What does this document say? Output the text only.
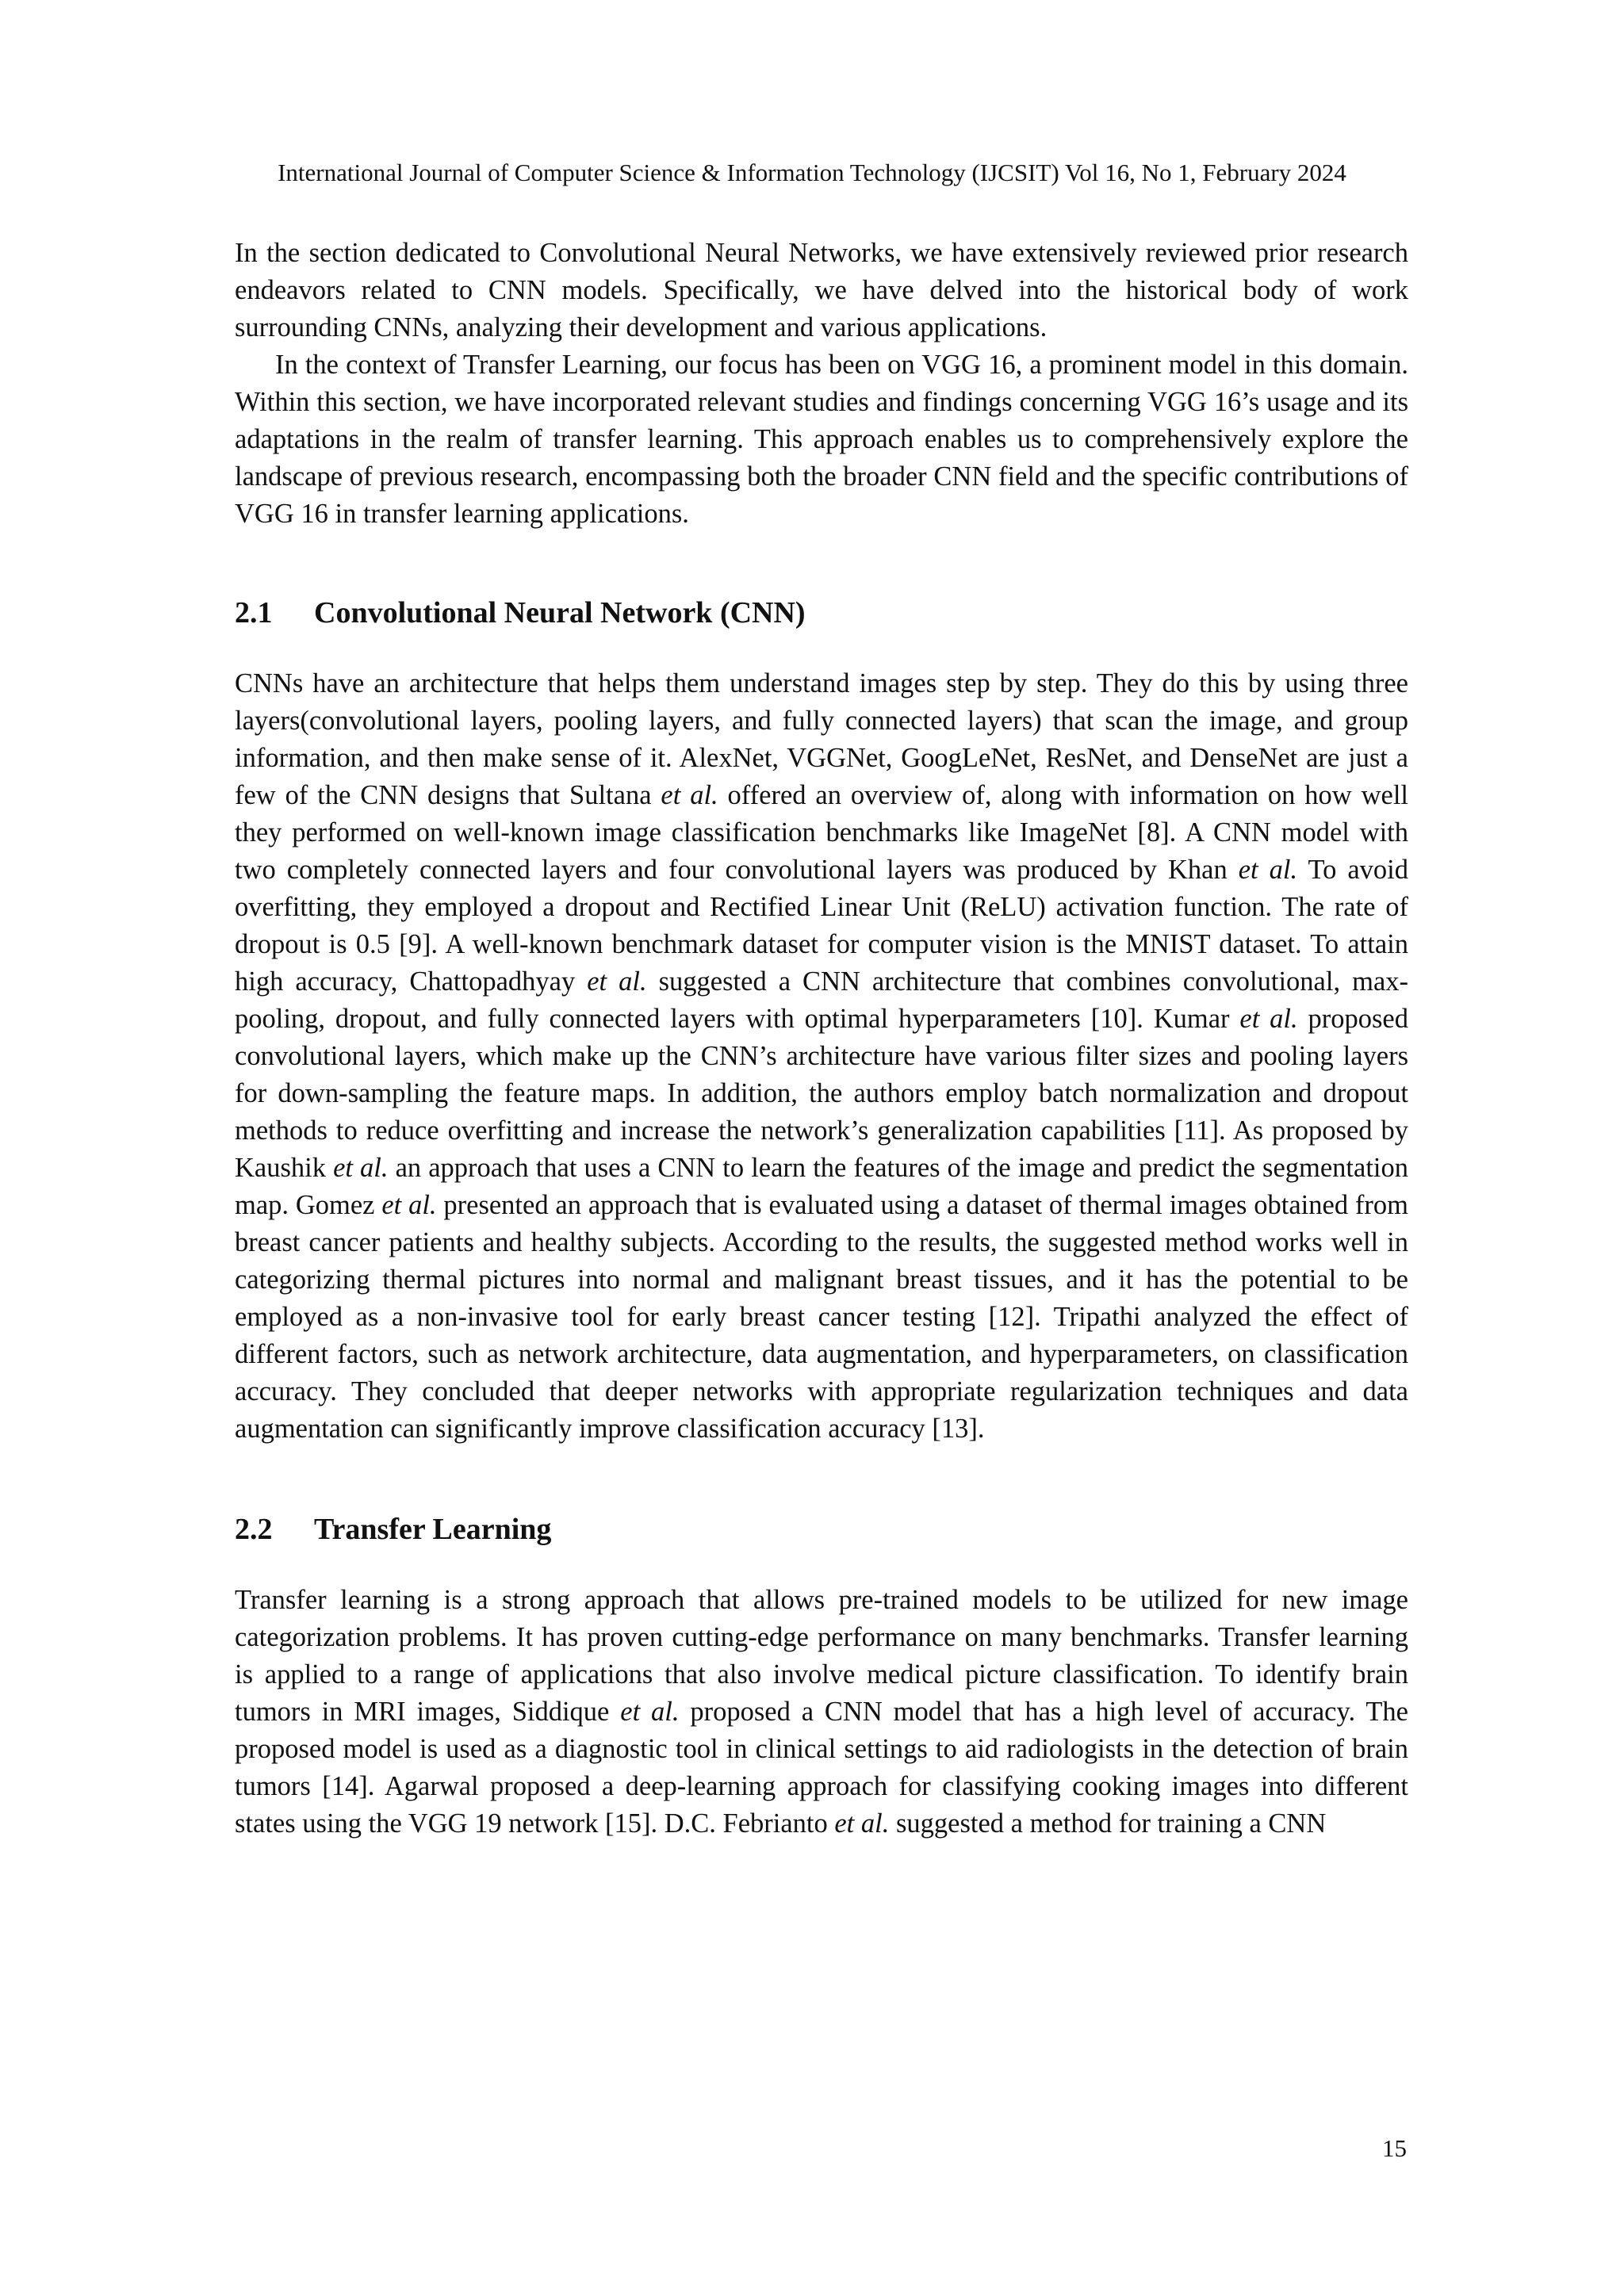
International Journal of Computer Science & Information Technology (IJCSIT) Vol 16, No 1, February 2024

In the section dedicated to Convolutional Neural Networks, we have extensively reviewed prior research endeavors related to CNN models. Specifically, we have delved into the historical body of work surrounding CNNs, analyzing their development and various applications.

In the context of Transfer Learning, our focus has been on VGG 16, a prominent model in this domain. Within this section, we have incorporated relevant studies and findings concerning VGG 16’s usage and its adaptations in the realm of transfer learning. This approach enables us to comprehensively explore the landscape of previous research, encompassing both the broader CNN field and the specific contributions of VGG 16 in transfer learning applications.

2.1 Convolutional Neural Network (CNN)

CNNs have an architecture that helps them understand images step by step. They do this by using three layers(convolutional layers, pooling layers, and fully connected layers) that scan the image, and group information, and then make sense of it. AlexNet, VGGNet, GoogLeNet, ResNet, and DenseNet are just a few of the CNN designs that Sultana et al. offered an overview of, along with information on how well they performed on well-known image classification benchmarks like ImageNet [8]. A CNN model with two completely connected layers and four convolutional layers was produced by Khan et al. To avoid overfitting, they employed a dropout and Rectified Linear Unit (ReLU) activation function. The rate of dropout is 0.5 [9]. A well-known benchmark dataset for computer vision is the MNIST dataset. To attain high accuracy, Chattopadhyay et al. suggested a CNN architecture that combines convolutional, max-pooling, dropout, and fully connected layers with optimal hyperparameters [10]. Kumar et al. proposed convolutional layers, which make up the CNN’s architecture have various filter sizes and pooling layers for down-sampling the feature maps. In addition, the authors employ batch normalization and dropout methods to reduce overfitting and increase the network’s generalization capabilities [11]. As proposed by Kaushik et al. an approach that uses a CNN to learn the features of the image and predict the segmentation map. Gomez et al. presented an approach that is evaluated using a dataset of thermal images obtained from breast cancer patients and healthy subjects. According to the results, the suggested method works well in categorizing thermal pictures into normal and malignant breast tissues, and it has the potential to be employed as a non-invasive tool for early breast cancer testing [12]. Tripathi analyzed the effect of different factors, such as network architecture, data augmentation, and hyperparameters, on classification accuracy. They concluded that deeper networks with appropriate regularization techniques and data augmentation can significantly improve classification accuracy [13].

2.2 Transfer Learning

Transfer learning is a strong approach that allows pre-trained models to be utilized for new image categorization problems. It has proven cutting-edge performance on many benchmarks. Transfer learning is applied to a range of applications that also involve medical picture classification. To identify brain tumors in MRI images, Siddique et al. proposed a CNN model that has a high level of accuracy. The proposed model is used as a diagnostic tool in clinical settings to aid radiologists in the detection of brain tumors [14]. Agarwal proposed a deep-learning approach for classifying cooking images into different states using the VGG 19 network [15]. D.C. Febrianto et al. suggested a method for training a CNN

15
